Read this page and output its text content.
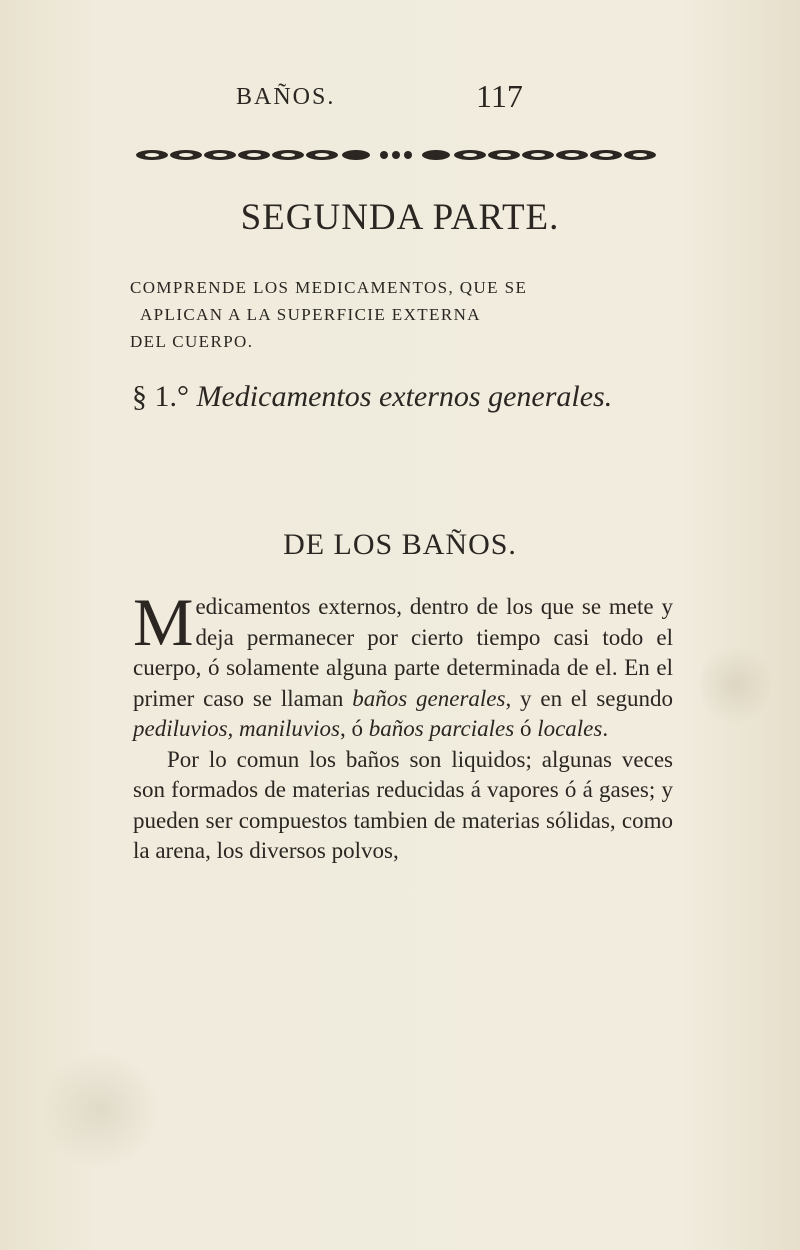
BAÑOS.	117
SEGUNDA PARTE.
COMPRENDE LOS MEDICAMENTOS, QUE SE
APLICAN A LA SUPERFICIE EXTERNA
DEL CUERPO.
§ 1.° Medicamentos externos generales.
DE LOS BAÑOS.

Medicamentos externos, dentro de los que se mete y deja permanecer por cierto tiempo casi todo el cuerpo, ó solamente alguna parte determinada de el. En el primer caso se llaman baños generales, y en el segundo pediluvios, maniluvios, ó baños parciales ó locales.

Por lo comun los baños son liquidos; algunas veces son formados de materias reducidas á vapores ó á gases; y pueden ser compuestos tambien de materias sólidas, como la arena, los diversos polvos,
